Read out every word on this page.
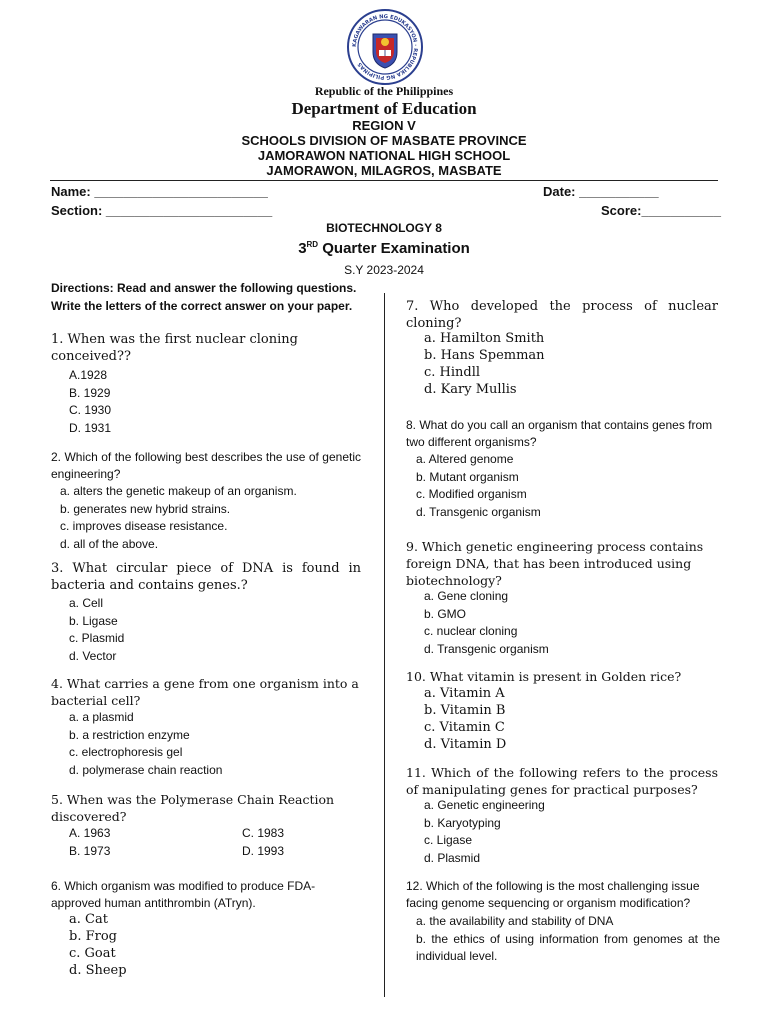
KAGAWARAN NG EDUKASYON · REPUBLIKA NG PILIPINAS
Republic of the Philippines
Department of Education
REGION V
SCHOOLS DIVISION OF MASBATE PROVINCE
JAMORAWON NATIONAL HIGH SCHOOL
JAMORAWON, MILAGROS, MASBATE
Name: ________________________	Date: ___________
Section: _______________________	Score:___________
BIOTECHNOLOGY 8
3RD Quarter Examination
S.Y 2023-2024
Directions: Read and answer the following questions.
Write the letters of the correct answer on your paper.
1. When was the first nuclear cloning conceived??
A.1928
B. 1929
C. 1930
D. 1931
2. Which of the following best describes the use of genetic engineering?
a. alters the genetic makeup of an organism.
b. generates new hybrid strains.
c. improves disease resistance.
d. all of the above.
3. What circular piece of DNA is found in bacteria and contains genes.?
a. Cell
b. Ligase
c. Plasmid
d. Vector
4. What carries a gene from one organism into a bacterial cell?
a. a plasmid
b. a restriction enzyme
c. electrophoresis gel
d. polymerase chain reaction
5. When was the Polymerase Chain Reaction discovered?
A. 1963
B. 1973
C. 1983
D. 1993
6. Which organism was modified to produce FDA-approved human antithrombin (ATryn).
a. Cat
b. Frog
c. Goat
d. Sheep
7. Who developed the process of nuclear cloning?
a. Hamilton Smith
b. Hans Spemman
c. Hindll
d. Kary Mullis
8. What do you call an organism that contains genes from two different organisms?
a. Altered genome
b. Mutant organism
c. Modified organism
d. Transgenic organism
9. Which genetic engineering process contains foreign DNA, that has been introduced using biotechnology?
a. Gene cloning
b. GMO
c. nuclear cloning
d. Transgenic organism
10. What vitamin is present in Golden rice?
a. Vitamin A
b. Vitamin B
c. Vitamin C
d. Vitamin D
11. Which of the following refers to the process of manipulating genes for practical purposes?
a. Genetic engineering
b. Karyotyping
c. Ligase
d. Plasmid
12. Which of the following is the most challenging issue facing genome sequencing or organism modification?
a. the availability and stability of DNA
b. the ethics of using information from genomes at the individual level.
